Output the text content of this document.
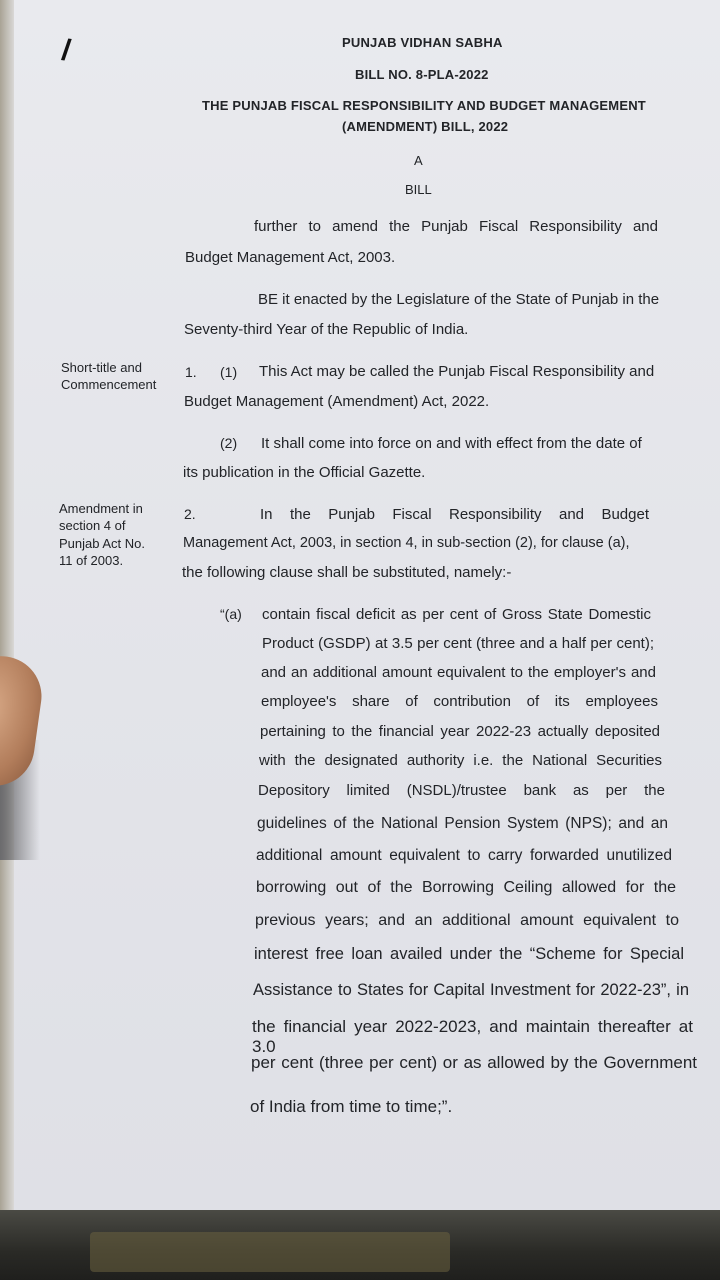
/	PUNJAB VIDHAN SABHA
BILL NO. 8-PLA-2022
THE PUNJAB FISCAL RESPONSIBILITY AND BUDGET MANAGEMENT
(AMENDMENT) BILL, 2022
A
BILL
further to amend the Punjab Fiscal Responsibility and
Budget Management Act, 2003.
BE it enacted by the Legislature of the State of Punjab in the
Seventy-third Year of the Republic of India.
Short-title and
Commencement
1. (1) This Act may be called the Punjab Fiscal Responsibility and
Budget Management (Amendment) Act, 2022.
(2) It shall come into force on and with effect from the date of
its publication in the Official Gazette.
Amendment in
section 4 of
Punjab Act No.
11 of 2003.
2.	In the Punjab Fiscal Responsibility and Budget
Management Act, 2003, in section 4, in sub-section (2), for clause (a),
the following clause shall be substituted, namely:-
“(a) contain fiscal deficit as per cent of Gross State Domestic
Product (GSDP) at 3.5 per cent (three and a half per cent);
and an additional amount equivalent to the employer's and
employee's share of contribution of its employees
pertaining to the financial year 2022-23 actually deposited
with the designated authority i.e. the National Securities
Depository limited (NSDL)/trustee bank as per the
guidelines of the National Pension System (NPS); and an
additional amount equivalent to carry forwarded unutilized
borrowing out of the Borrowing Ceiling allowed for the
previous years; and an additional amount equivalent to
interest free loan availed under the “Scheme for Special
Assistance to States for Capital Investment for 2022-23”, in
the financial year 2022-2023, and maintain thereafter at 3.0
per cent (three per cent) or as allowed by the Government
of India from time to time;”.
